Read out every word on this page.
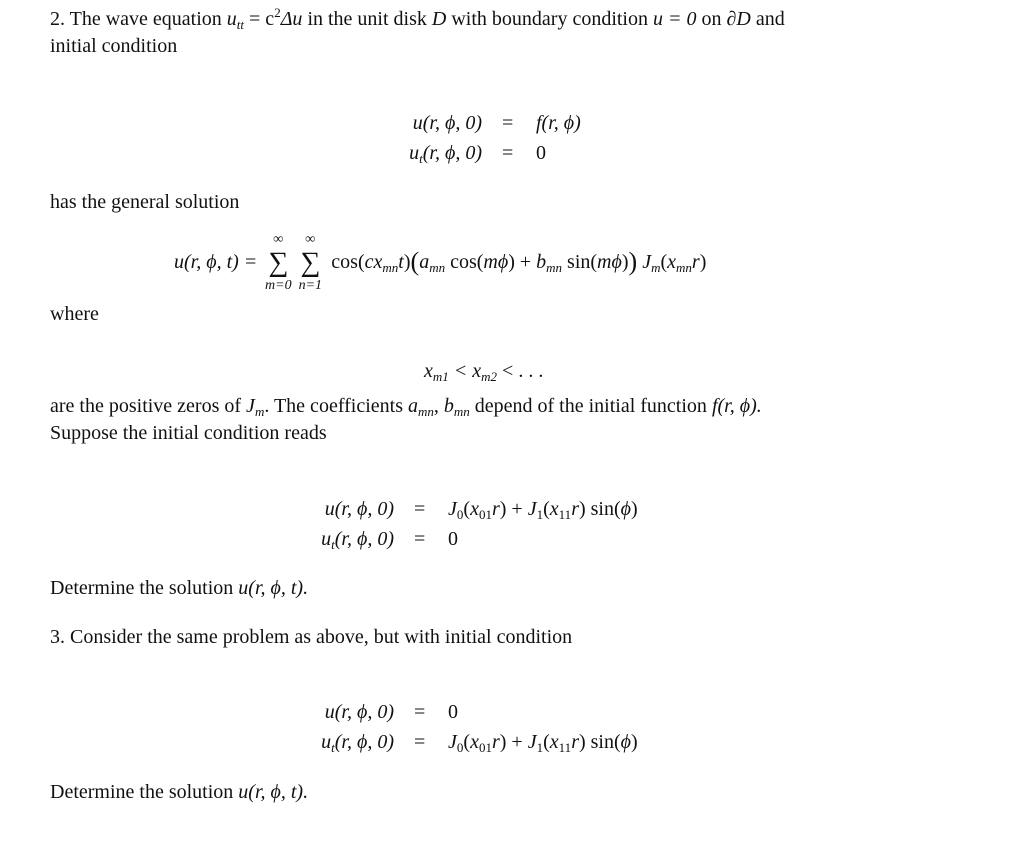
2. The wave equation $u_{tt} = c^2\Delta u$ in the unit disk D with boundary condition u = 0 on ∂D and
initial condition
u(r, ϕ, 0) = f(r, ϕ)
$u_t(r$, ϕ, 0) = 0
has the general solution
u(r, ϕ, t) =
∞
∑
m=0
∞
∑
n=1
$\cos(cx_{mn}t)(a_{mn}$ $\cos(m\phi) + b_{mn}$ sin(mϕ)) $J_m(x_{mn}r)$
where
$x_{m1} < x_{m2}$ < . . .
are the positive zeros of $J_m$. The coefficients $a_{mn}$, $b_{mn}$ depend of the initial function f(r, ϕ).
Suppose the initial condition reads
u(r, ϕ, $0) = J_0(x_{01}r) + J_1(x_{11}r)$ sin(ϕ)
$u_t(r$, ϕ, 0) = 0
Determine the solution u(r, ϕ, t).
3. Consider the same problem as above, but with initial condition
u(r, ϕ, 0) = 0
$u_t(r$, ϕ, $0) = J_0(x_{01}r) + J_1(x_{11}r)$ sin(ϕ)
Determine the solution u(r, ϕ, t).
